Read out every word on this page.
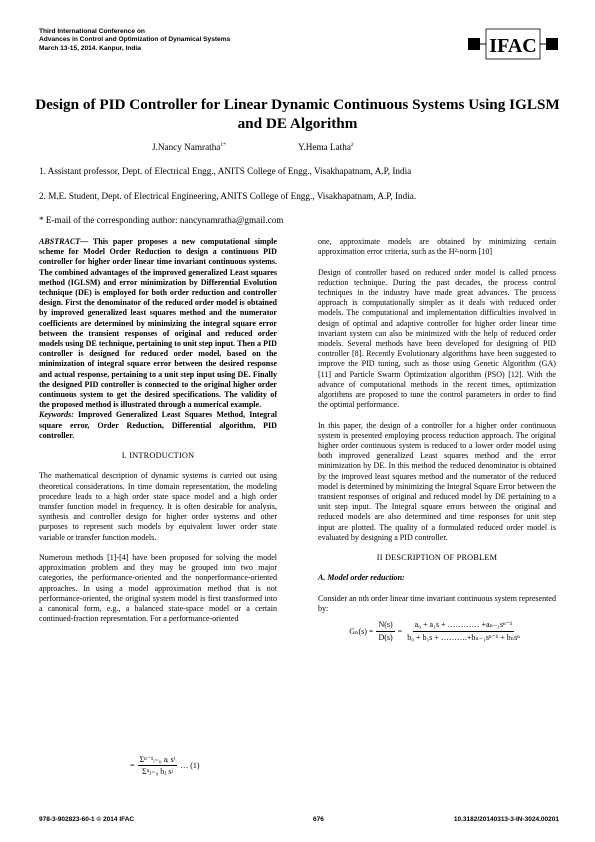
Third International Conference on
Advances in Control and Optimization of Dynamical Systems
March 13-15, 2014. Kanpur, India	IFAC
Design of PID Controller for Linear Dynamic Continuous Systems Using IGLSM and DE Algorithm
J.Nancy Namratha$^{1*}$	Y.Hema Latha$^2$
1. Assistant professor, Dept. of Electrical Engg., ANITS College of Engg., Visakhapatnam, A.P, India
2. M.E. Student, Dept. of Electrical Engineering, ANITS College of Engg., Visakhapatnam, A.P, India.
* E-mail of the corresponding author: nancynamratha@gmail.com

ABSTRACT— This paper proposes a new computational simple scheme for Model Order Reduction to design a continuous PID controller for higher order linear time invariant continuous systems. The combined advantages of the improved generalized Least squares method (IGLSM) and error minimization by Differential Evolution technique (DE) is employed for both order reduction and controller design. First the denominator of the reduced order model is obtained by improved generalized least squares method and the numerator coefficients are determined by minimizing the integral square error between the transient responses of original and reduced order models using DE technique, pertaining to unit step input. Then a PID controller is designed for reduced order model, based on the minimization of integral square error between the desired response and actual response, pertaining to a unit step input using DE. Finally the designed PID controller is connected to the original higher order continuous system to get the desired specifications. The validity of the proposed method is illustrated through a numerical example.

Keywords: Improved Generalized Least Squares Method, Integral square error, Order Reduction, Differential algorithm, PID controller.

I. INTRODUCTION

The mathematical description of dynamic systems is carried out using theoretical considerations. In time domain representation, the modeling procedure leads to a high order state space model and a high order transfer function model in frequency. It is often desirable for analysis, synthesis and controller design for higher order systems and other purposes to represent such models by equivalent lower order state variable or transfer function models.

Numerous methods [1]-[4] have been proposed for solving the model approximation problem and they may be grouped into two major categories, the performance-oriented and the nonperformance-oriented approaches. In using a model approximation method that is not performance-oriented, the original system model is first transformed into a canonical form, e.g., a balanced state-space model or a certain continued-fraction representation. For a performance-oriented

= $\frac{\text{Σⁿ⁻¹ᵢ₌₀ aᵢ sⁱ}}{\text{Σⁿⱼ₌₀ bⱼ sʲ}}$ … (1)

one, approximate models are obtained by minimizing certain approximation error criteria, such as the H²-norm [10]

Design of controller based on reduced order model is called process reduction technique. During the past decades, the process control techniques in the industry have made great advances. The process approach is computationally simpler as it deals with reduced order models. The computational and implementation difficulties involved in design of optimal and adaptive controller for higher order linear time invariant system can also be minimized with the help of reduced order models. Several methods have been developed for designing of PID controller [8]. Recently Evolutionary algorithms have been suggested to improve the PID tuning, such as those using Genetic Algorithm (GA) [11] and Particle Swarm Optimization algorithm (PSO) [12]. With the advance of computational methods in the recent times, optimization algorithms are proposed to tune the control parameters in order to find the optimal performance.

In this paper, the design of a controller for a higher order continuous system is presented employing process reduction approach. The original higher order continuous system is reduced to a lower order model using both improved generalized Least squares method and the error minimization by DE. In this method the reduced denominator is obtained by the improved least squares method and the numerator of the reduced model is determined by minimizing the Integral Square Error between the transient responses of original and reduced model by DE pertaining to a unit step input. The Integral square errors between the original and reduced models are also determined and time responses for unit step input are plotted. The quality of a formulated reduced order model is evaluated by designing a PID controller.

II DESCRIPTION OF PROBLEM

A. Model order reduction:

Consider an nth order linear time invariant continuous system represented by:

$G_n(s) = \frac{N(s)}{D(s)} = \frac{\text{a₀ + a₁s + ………… +aₙ₋₁sⁿ⁻¹}}{\text{b₀ + b₁s + ……….+bₙ₋₁sⁿ⁻¹ + bₙsⁿ}}$
978-3-902823-60-1 © 2014 IFAC	676	10.3182/20140313-3-IN-3024.00201
